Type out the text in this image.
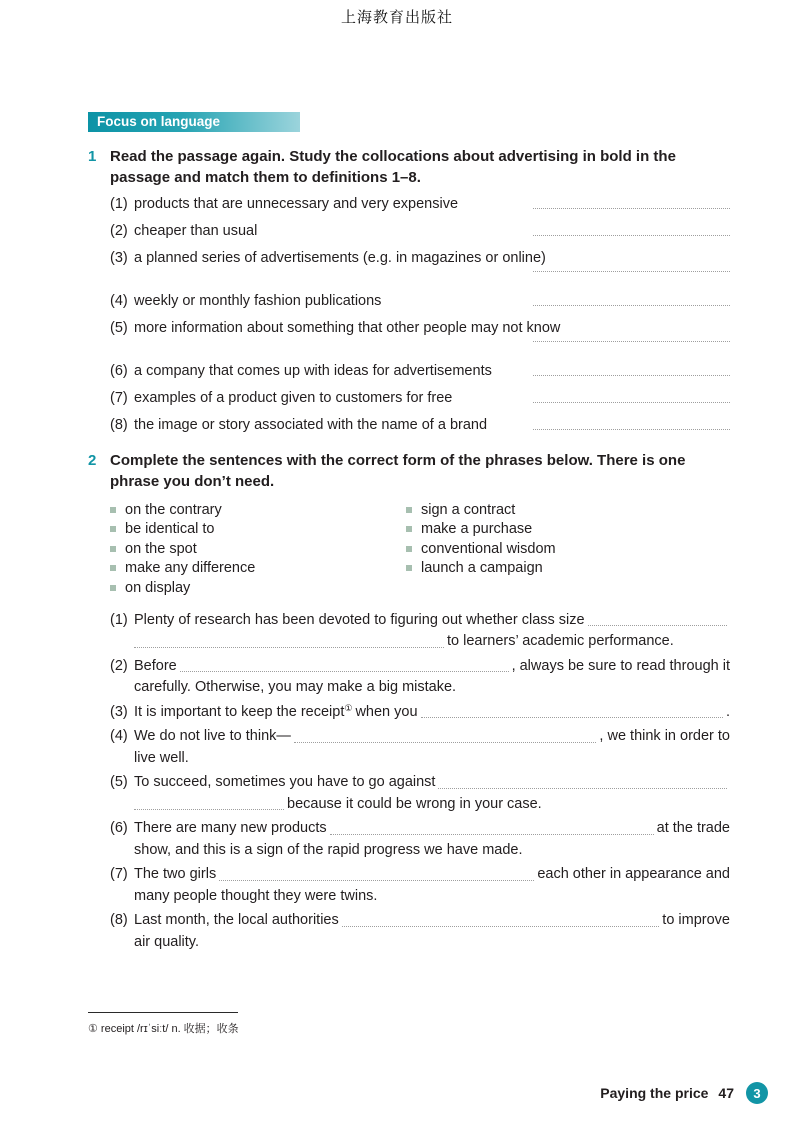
上海教育出版社
Focus on language
1 Read the passage again. Study the collocations about advertising in bold in the passage and match them to definitions 1–8.
(1) products that are unnecessary and very expensive
(2) cheaper than usual
(3) a planned series of advertisements (e.g. in magazines or online)
(4) weekly or monthly fashion publications
(5) more information about something that other people may not know
(6) a company that comes up with ideas for advertisements
(7) examples of a product given to customers for free
(8) the image or story associated with the name of a brand
2 Complete the sentences with the correct form of the phrases below. There is one phrase you don’t need.
on the contrary
be identical to
on the spot
make any difference
on display
sign a contract
make a purchase
conventional wisdom
launch a campaign
(1) Plenty of research has been devoted to figuring out whether class size
to learners’ academic performance.
(2) Before	, always be sure to read through it
carefully. Otherwise, you may make a big mistake.
(3) It is important to keep the receipt ① when you	.
(4) We do not live to think—	, we think in order to
live well.
(5) To succeed, sometimes you have to go against
because it could be wrong in your case.
(6) There are many new products	at the trade
show, and this is a sign of the rapid progress we have made.
(7) The two girls	each other in appearance and
many people thought they were twins.
(8) Last month, the local authorities	to improve
air quality.
① receipt /rɪˈsiːt/ n. 收据；收条
Paying the price 47	3
